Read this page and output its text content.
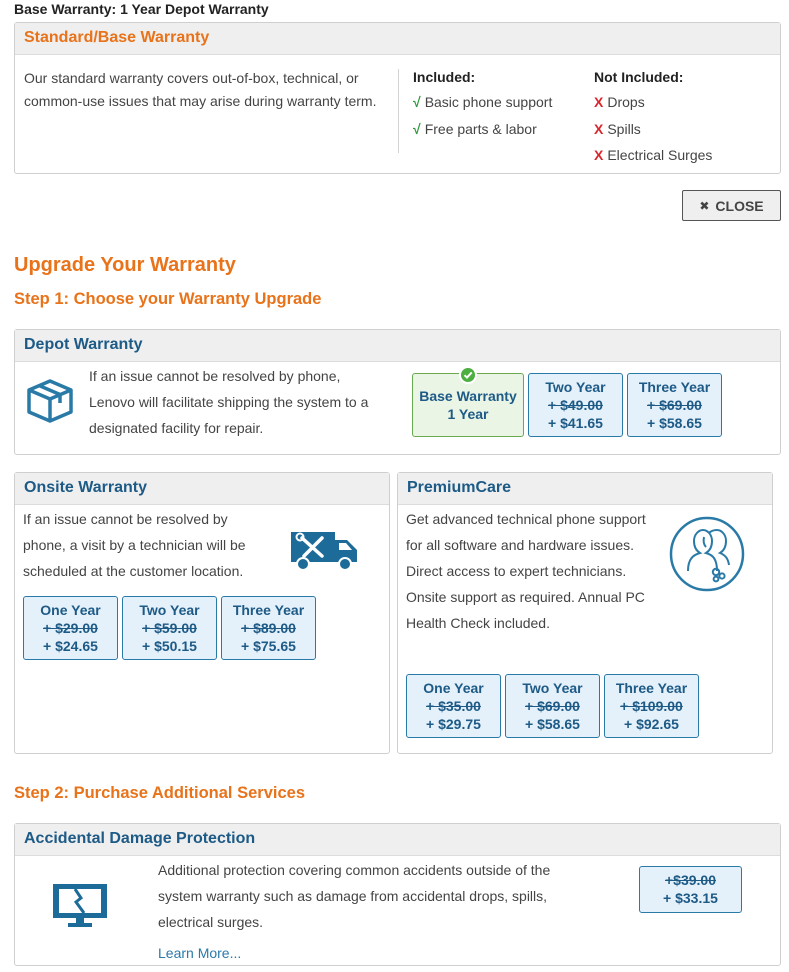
Base Warranty: 1 Year Depot Warranty
Standard/Base Warranty
Our standard warranty covers out-of-box, technical, or common-use issues that may arise during warranty term.
Included:
√ Basic phone support
√ Free parts & labor
Not Included:
X Drops
X Spills
X Electrical Surges
✖ CLOSE
Upgrade Your Warranty
Step 1: Choose your Warranty Upgrade
Depot Warranty
If an issue cannot be resolved by phone, Lenovo will facilitate shipping the system to a designated facility for repair.
Base Warranty
1 Year
Two Year
+ $49.00
+ $41.65
Three Year
+ $69.00
+ $58.65
Onsite Warranty
If an issue cannot be resolved by phone, a visit by a technician will be scheduled at the customer location.
One Year
+ $29.00
+ $24.65
Two Year
+ $59.00
+ $50.15
Three Year
+ $89.00
+ $75.65
PremiumCare
Get advanced technical phone support for all software and hardware issues. Direct access to expert technicians. Onsite support as required. Annual PC Health Check included.
One Year
+ $35.00
+ $29.75
Two Year
+ $69.00
+ $58.65
Three Year
+ $109.00
+ $92.65
Step 2: Purchase Additional Services
Accidental Damage Protection
Additional protection covering common accidents outside of the system warranty such as damage from accidental drops, spills, electrical surges.
Learn More...
+$39.00
+ $33.15
